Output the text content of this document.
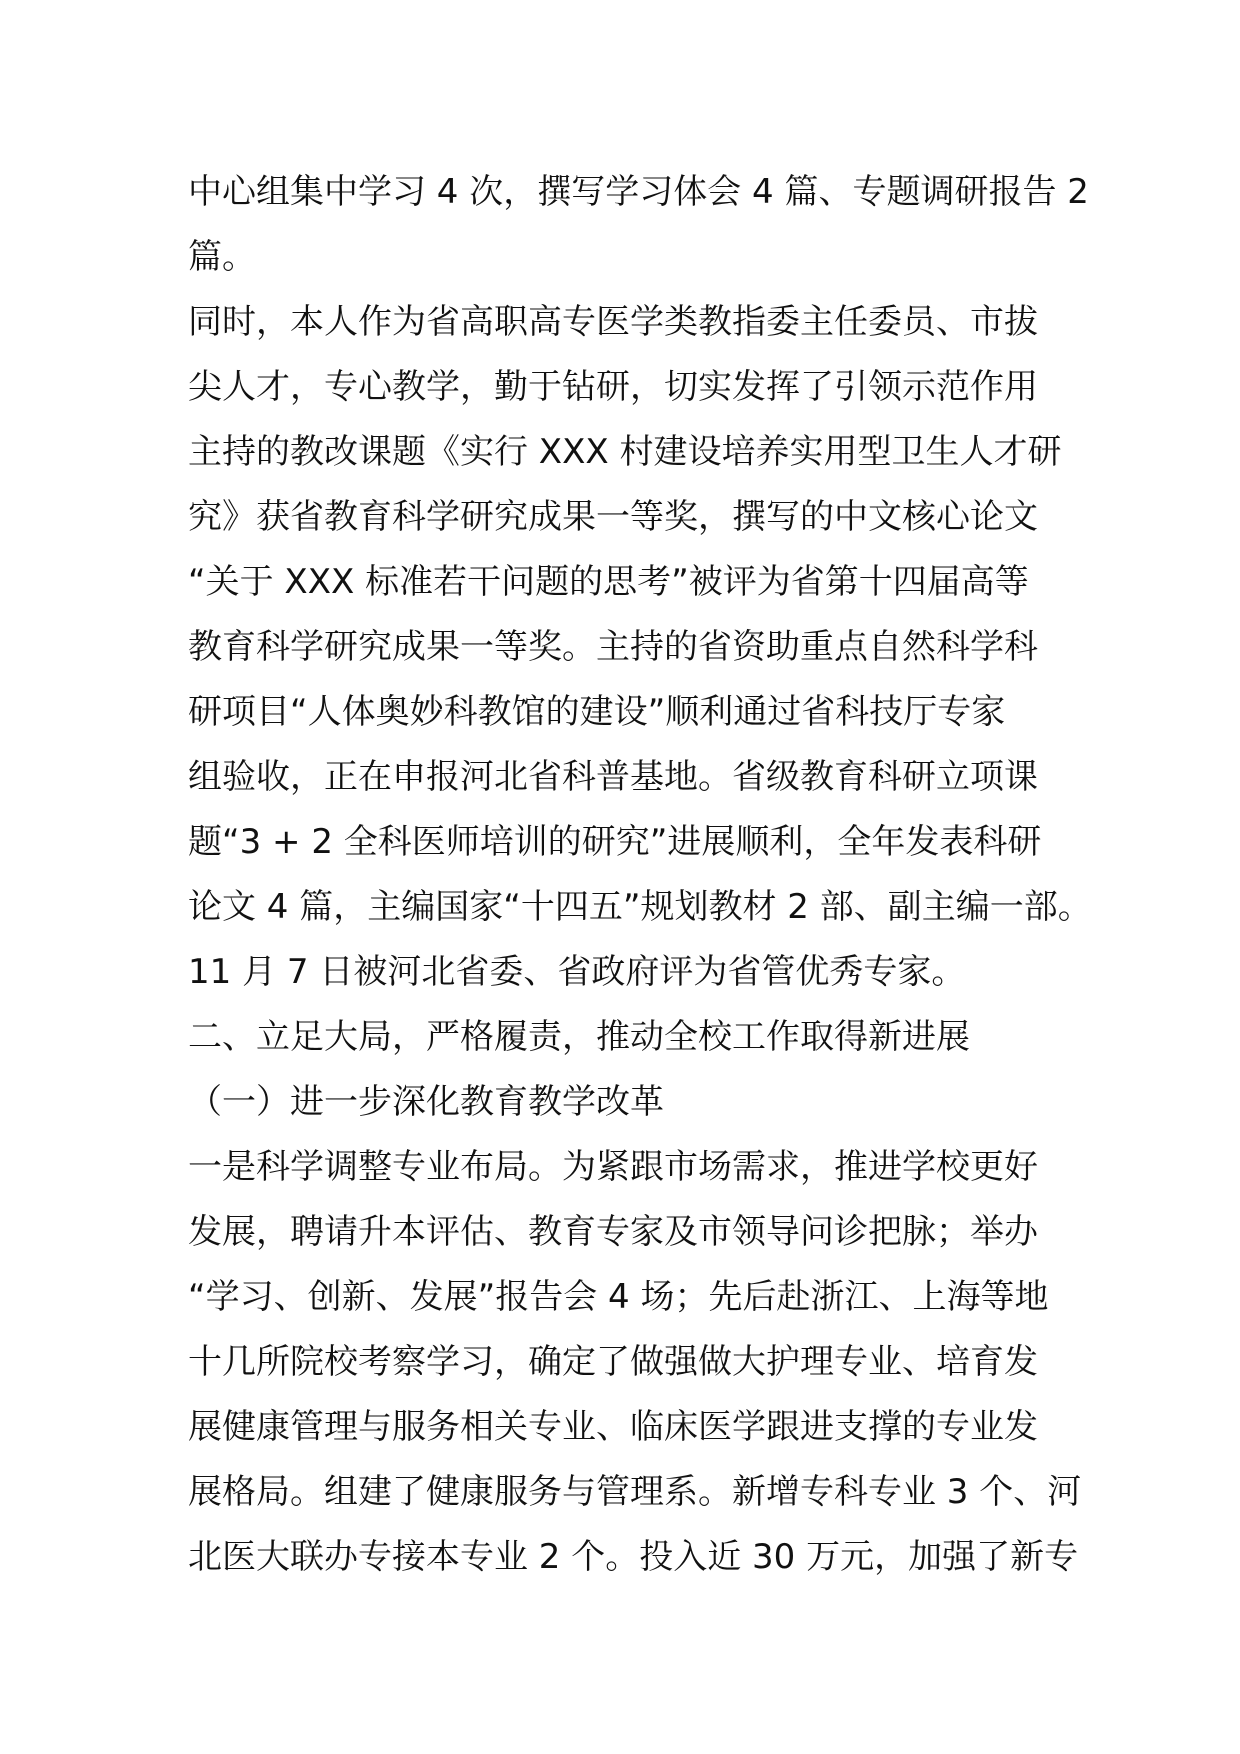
中心组集中学习 4 次，撰写学习体会 4 篇、专题调研报告 2
篇。
同时，本人作为省高职高专医学类教指委主任委员、市拔
尖人才，专心教学，勤于钻研，切实发挥了引领示范作用
主持的教改课题《实行 XXX 村建设培养实用型卫生人才研
究》获省教育科学研究成果一等奖，撰写的中文核心论文
“关于 XXX 标准若干问题的思考”被评为省第十四届高等
教育科学研究成果一等奖。主持的省资助重点自然科学科
研项目“人体奥妙科教馆的建设”顺利通过省科技厅专家
组验收，正在申报河北省科普基地。省级教育科研立项课
题“3 + 2 全科医师培训的研究”进展顺利，全年发表科研
论文 4 篇，主编国家“十四五”规划教材 2 部、副主编一部。
11 月 7 日被河北省委、省政府评为省管优秀专家。
二、立足大局，严格履责，推动全校工作取得新进展
（一）进一步深化教育教学改革
一是科学调整专业布局。为紧跟市场需求，推进学校更好
发展，聘请升本评估、教育专家及市领导问诊把脉；举办
“学习、创新、发展”报告会 4 场；先后赴浙江、上海等地
十几所院校考察学习，确定了做强做大护理专业、培育发
展健康管理与服务相关专业、临床医学跟进支撑的专业发
展格局。组建了健康服务与管理系。新增专科专业 3 个、河
北医大联办专接本专业 2 个。投入近 30 万元，加强了新专
